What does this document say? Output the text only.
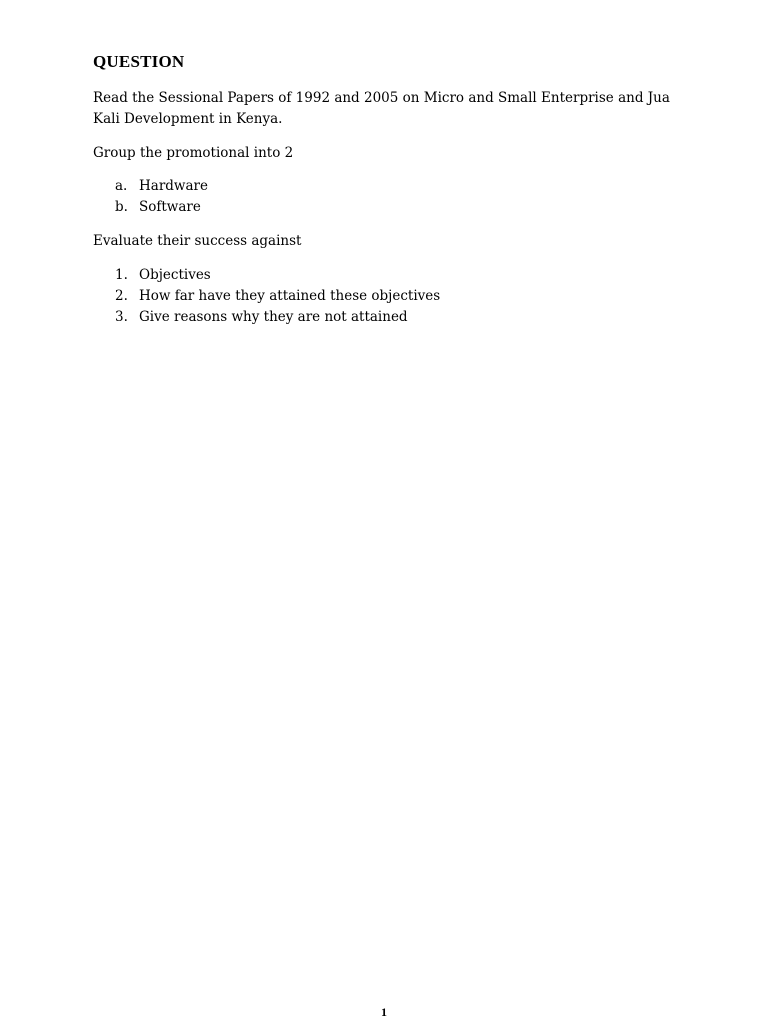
QUESTION

Read the Sessional Papers of 1992 and 2005 on Micro and Small Enterprise and Jua Kali Development in Kenya.

Group the promotional into 2

a. Hardware
b. Software

Evaluate their success against

1. Objectives
2. How far have they attained these objectives
3. Give reasons why they are not attained
1
